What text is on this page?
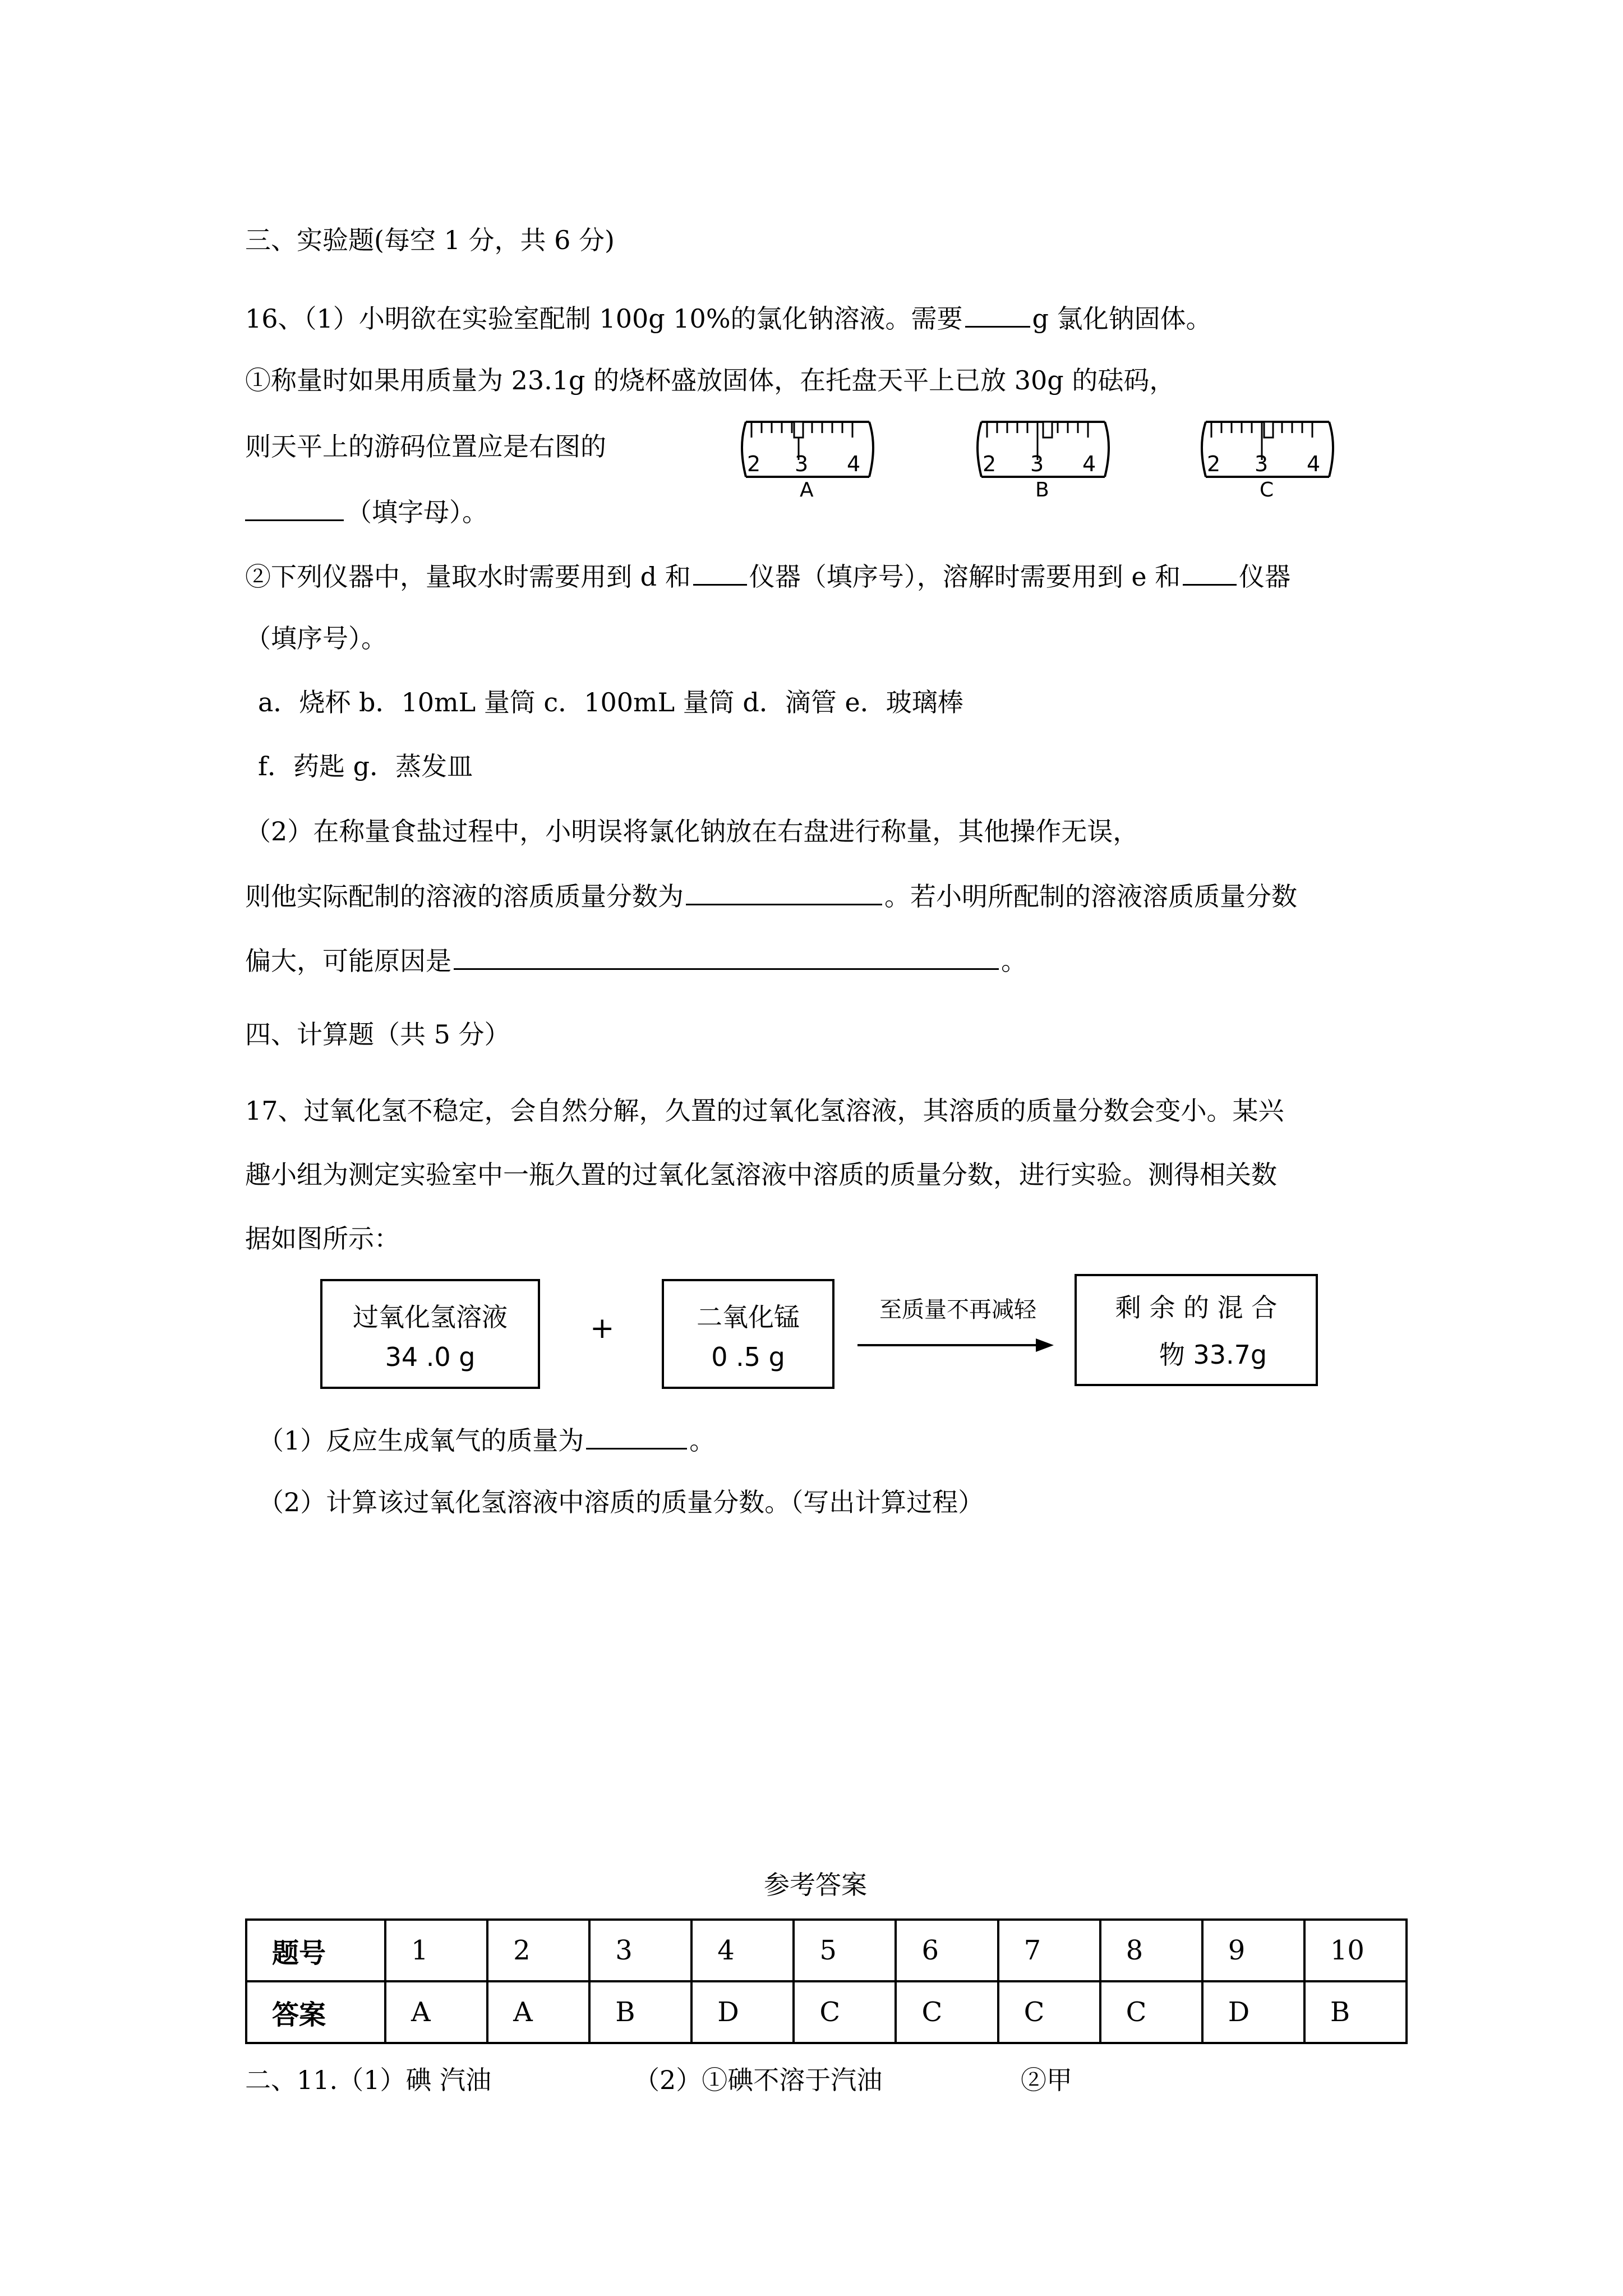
三、实验题(每空 1 分，共 6 分)
16、（1）小明欲在实验室配制 100g 10%的氯化钠溶液。需要	g 氯化钠固体。
①称量时如果用质量为 23.1g 的烧杯盛放固体，在托盘天平上已放 30g 的砝码，
则天平上的游码位置应是右图的
（填字母）。
2 3 4
A
2 3 4
B
2 3 4
C
②下列仪器中，量取水时需要用到 d 和 仪器（填序号），溶解时需要用到 e 和 仪器
（填序号）。
a．烧杯 b．10mL 量筒 c．100mL 量筒 d．滴管 e．玻璃棒
f．药匙 g．蒸发皿
（2）在称量食盐过程中，小明误将氯化钠放在右盘进行称量，其他操作无误，
则他实际配制的溶液的溶质质量分数为	。若小明所配制的溶液溶质质量分数
偏大，可能原因是	。
四、计算题（共 5 分）
17、过氧化氢不稳定，会自然分解，久置的过氧化氢溶液，其溶质的质量分数会变小。某兴
趣小组为测定实验室中一瓶久置的过氧化氢溶液中溶质的质量分数，进行实验。测得相关数
据如图所示：
过氧化氢溶液
34 .0 g
+	二氧化锰
0 .5 g
至质量不再减轻	剩 余 的 混 合
物 33.7g
（1）反应生成氧气的质量为	。
（2）计算该过氧化氢溶液中溶质的质量分数。（写出计算过程）
参考答案
题号	1	2	3	4	5	6	7	8	9	10
答案	A	A	B	D	C	C	C	C	D	B
二、11.（1）碘 汽油	（2）①碘不溶于汽油	②甲
